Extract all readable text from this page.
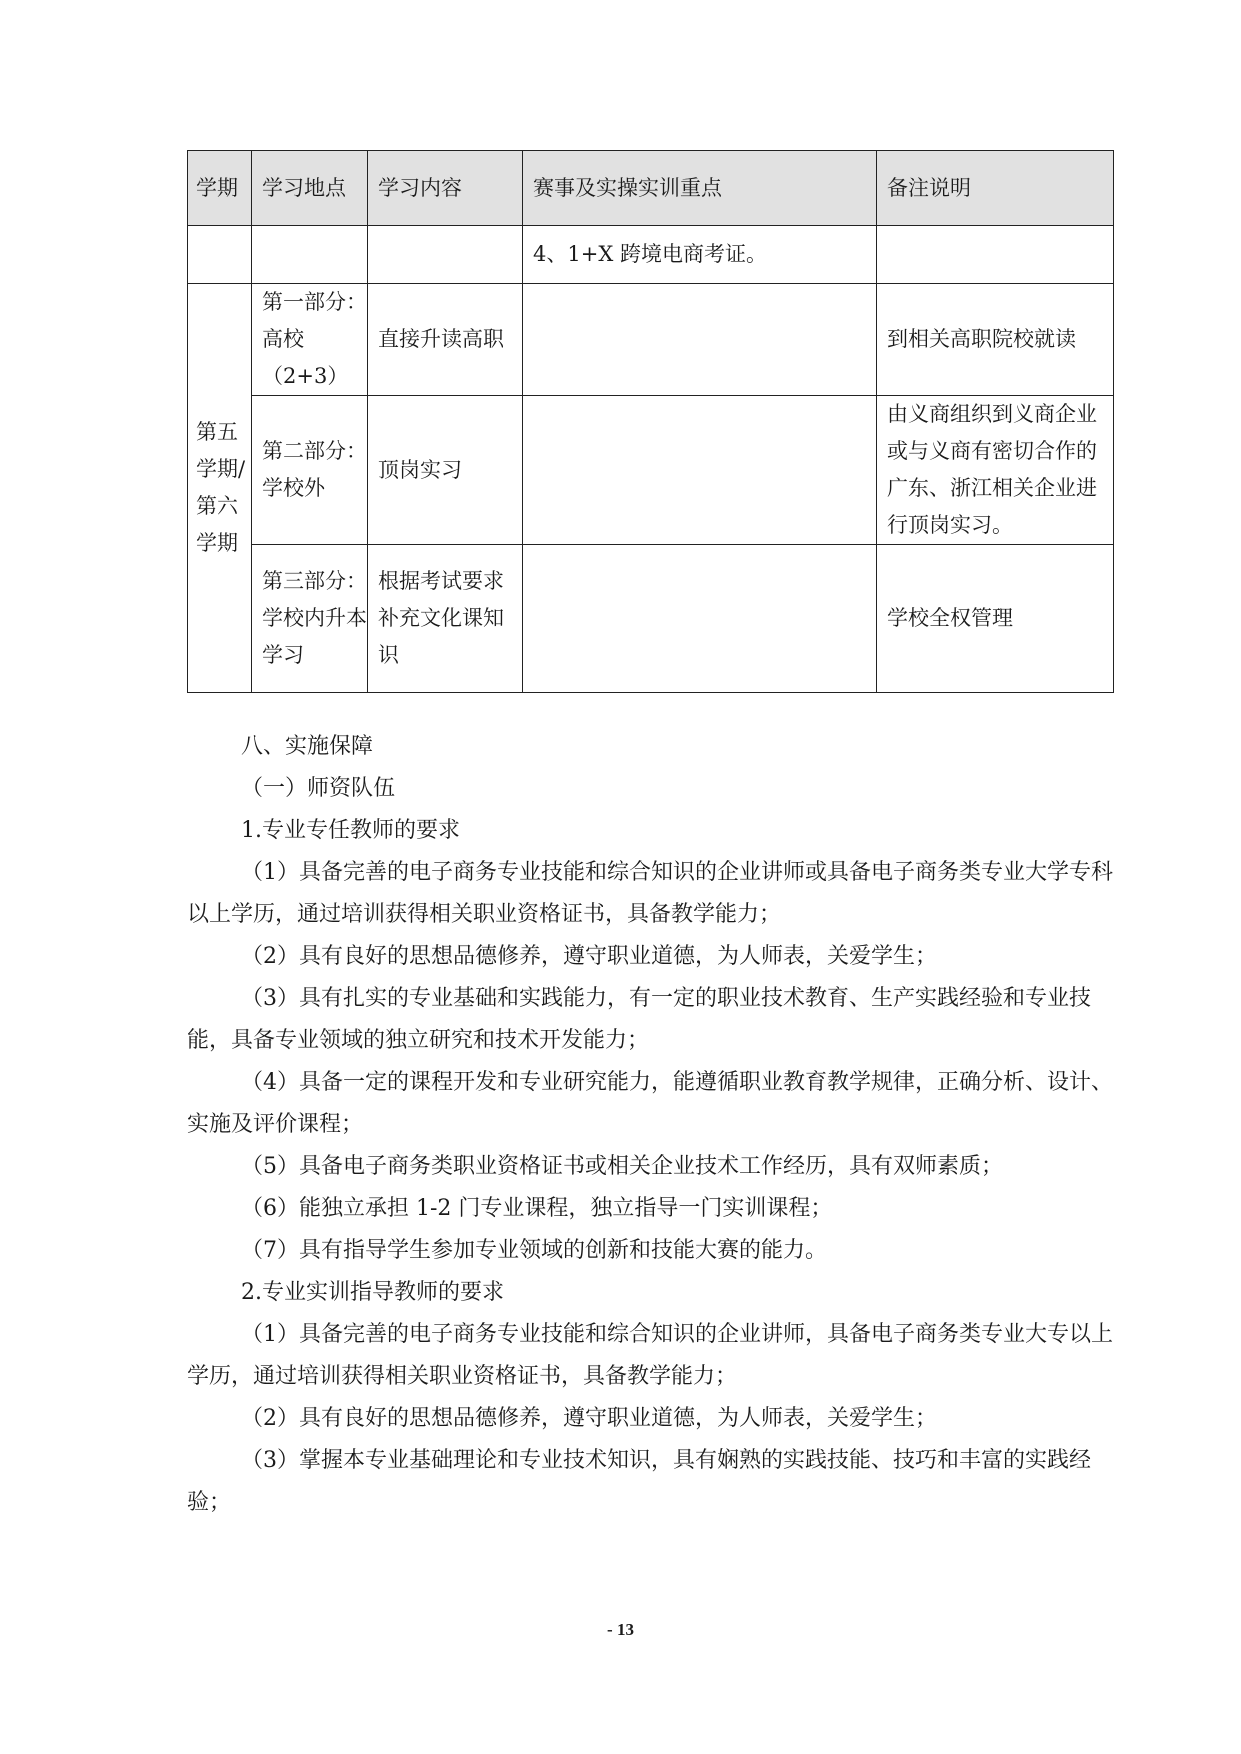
学期	学习地点	学习内容	赛事及实操实训重点	备注说明
			4、1+X 跨境电商考证。	
第五学期/第六学期	第一部分：高校（2+3）	直接升读高职		到相关高职院校就读
	第二部分：学校外	顶岗实习		由义商组织到义商企业或与义商有密切合作的广东、浙江相关企业进行顶岗实习。
	第三部分：学校内升本学习	根据考试要求补充文化课知识		学校全权管理

八、实施保障

（一）师资队伍

1.专业专任教师的要求

（1）具备完善的电子商务专业技能和综合知识的企业讲师或具备电子商务类专业大学专科以上学历，通过培训获得相关职业资格证书，具备教学能力；

（2）具有良好的思想品德修养，遵守职业道德，为人师表，关爱学生；

（3）具有扎实的专业基础和实践能力，有一定的职业技术教育、生产实践经验和专业技能，具备专业领域的独立研究和技术开发能力；

（4）具备一定的课程开发和专业研究能力，能遵循职业教育教学规律，正确分析、设计、实施及评价课程；

（5）具备电子商务类职业资格证书或相关企业技术工作经历，具有双师素质；

（6）能独立承担 1-2 门专业课程，独立指导一门实训课程；

（7）具有指导学生参加专业领域的创新和技能大赛的能力。

2.专业实训指导教师的要求

（1）具备完善的电子商务专业技能和综合知识的企业讲师，具备电子商务类专业大专以上学历，通过培训获得相关职业资格证书，具备教学能力；

（2）具有良好的思想品德修养，遵守职业道德，为人师表，关爱学生；

（3）掌握本专业基础理论和专业技术知识，具有娴熟的实践技能、技巧和丰富的实践经验；

- 13
